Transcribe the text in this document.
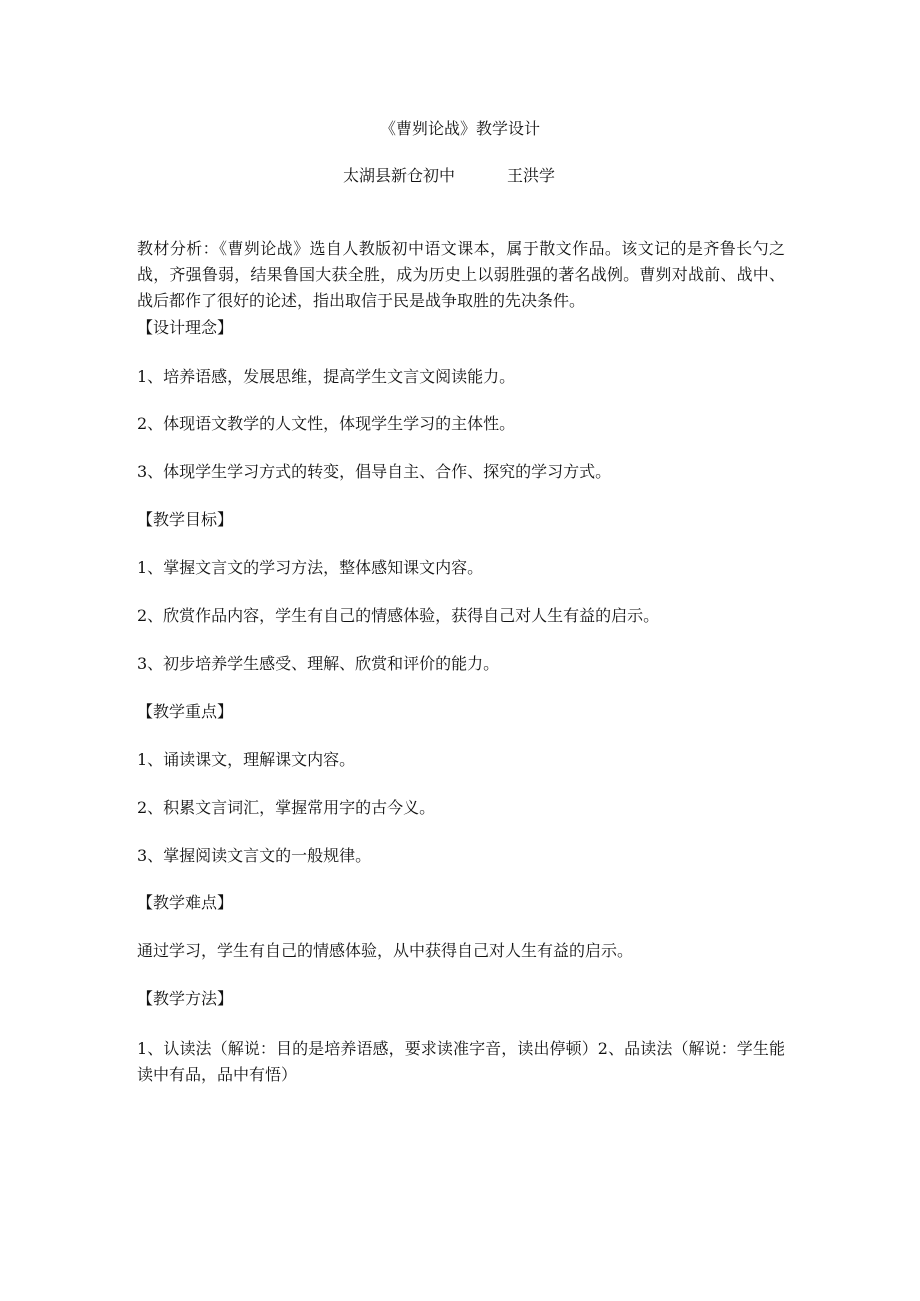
《曹刿论战》教学设计
太湖县新仓初中	王洪学
教材分析：《曹刿论战》选自人教版初中语文课本，属于散文作品。该文记的是齐鲁长勺之战，齐强鲁弱，结果鲁国大获全胜，成为历史上以弱胜强的著名战例。曹刿对战前、战中、战后都作了很好的论述，指出取信于民是战争取胜的先决条件。
【设计理念】
1、培养语感，发展思维，提高学生文言文阅读能力。
2、体现语文教学的人文性，体现学生学习的主体性。
3、体现学生学习方式的转变，倡导自主、合作、探究的学习方式。
【教学目标】
1、掌握文言文的学习方法，整体感知课文内容。
2、欣赏作品内容，学生有自己的情感体验，获得自己对人生有益的启示。
3、初步培养学生感受、理解、欣赏和评价的能力。
【教学重点】
1、诵读课文，理解课文内容。
2、积累文言词汇，掌握常用字的古今义。
3、掌握阅读文言文的一般规律。
【教学难点】
通过学习，学生有自己的情感体验，从中获得自己对人生有益的启示。
【教学方法】
1、认读法（解说：目的是培养语感，要求读准字音，读出停顿）2、品读法（解说：学生能读中有品，品中有悟）
